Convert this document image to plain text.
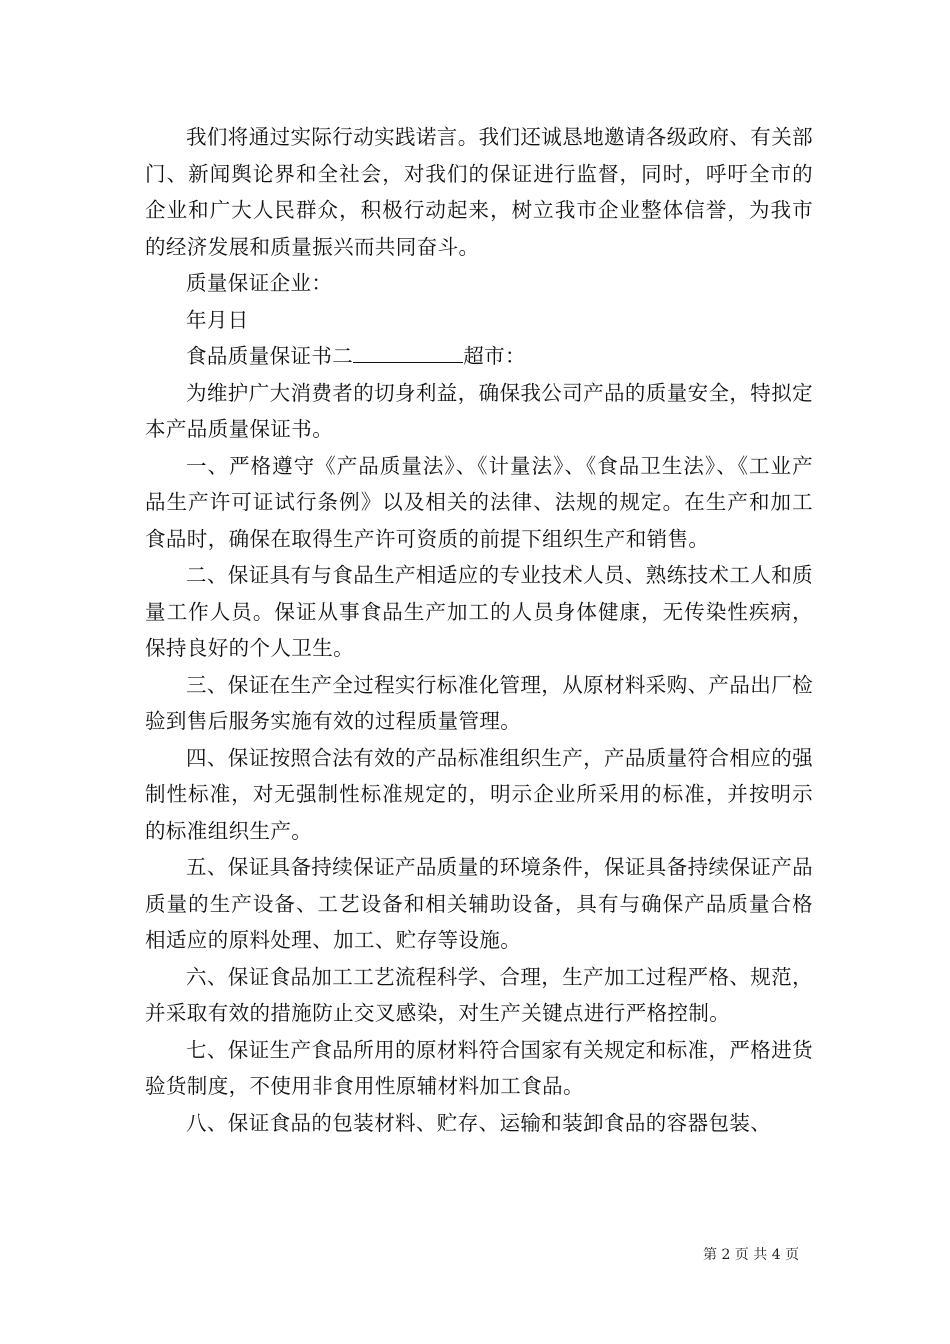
我们将通过实际行动实践诺言。我们还诚恳地邀请各级政府、有关部门、新闻舆论界和全社会，对我们的保证进行监督，同时，呼吁全市的企业和广大人民群众，积极行动起来，树立我市企业整体信誉，为我市的经济发展和质量振兴而共同奋斗。

质量保证企业：

年月日

食品质量保证书二	超市：

为维护广大消费者的切身利益，确保我公司产品的质量安全，特拟定本产品质量保证书。

一、严格遵守《产品质量法》、《计量法》、《食品卫生法》、《工业产品生产许可证试行条例》以及相关的法律、法规的规定。在生产和加工食品时，确保在取得生产许可资质的前提下组织生产和销售。

二、保证具有与食品生产相适应的专业技术人员、熟练技术工人和质量工作人员。保证从事食品生产加工的人员身体健康，无传染性疾病，保持良好的个人卫生。

三、保证在生产全过程实行标准化管理，从原材料采购、产品出厂检验到售后服务实施有效的过程质量管理。

四、保证按照合法有效的产品标准组织生产，产品质量符合相应的强制性标准，对无强制性标准规定的，明示企业所采用的标准，并按明示的标准组织生产。

五、保证具备持续保证产品质量的环境条件，保证具备持续保证产品质量的生产设备、工艺设备和相关辅助设备，具有与确保产品质量合格相适应的原料处理、加工、贮存等设施。

六、保证食品加工工艺流程科学、合理，生产加工过程严格、规范，并采取有效的措施防止交叉感染，对生产关键点进行严格控制。

七、保证生产食品所用的原材料符合国家有关规定和标准，严格进货验货制度，不使用非食用性原辅材料加工食品。

八、保证食品的包装材料、贮存、运输和装卸食品的容器包装、

第 2 页 共 4 页
